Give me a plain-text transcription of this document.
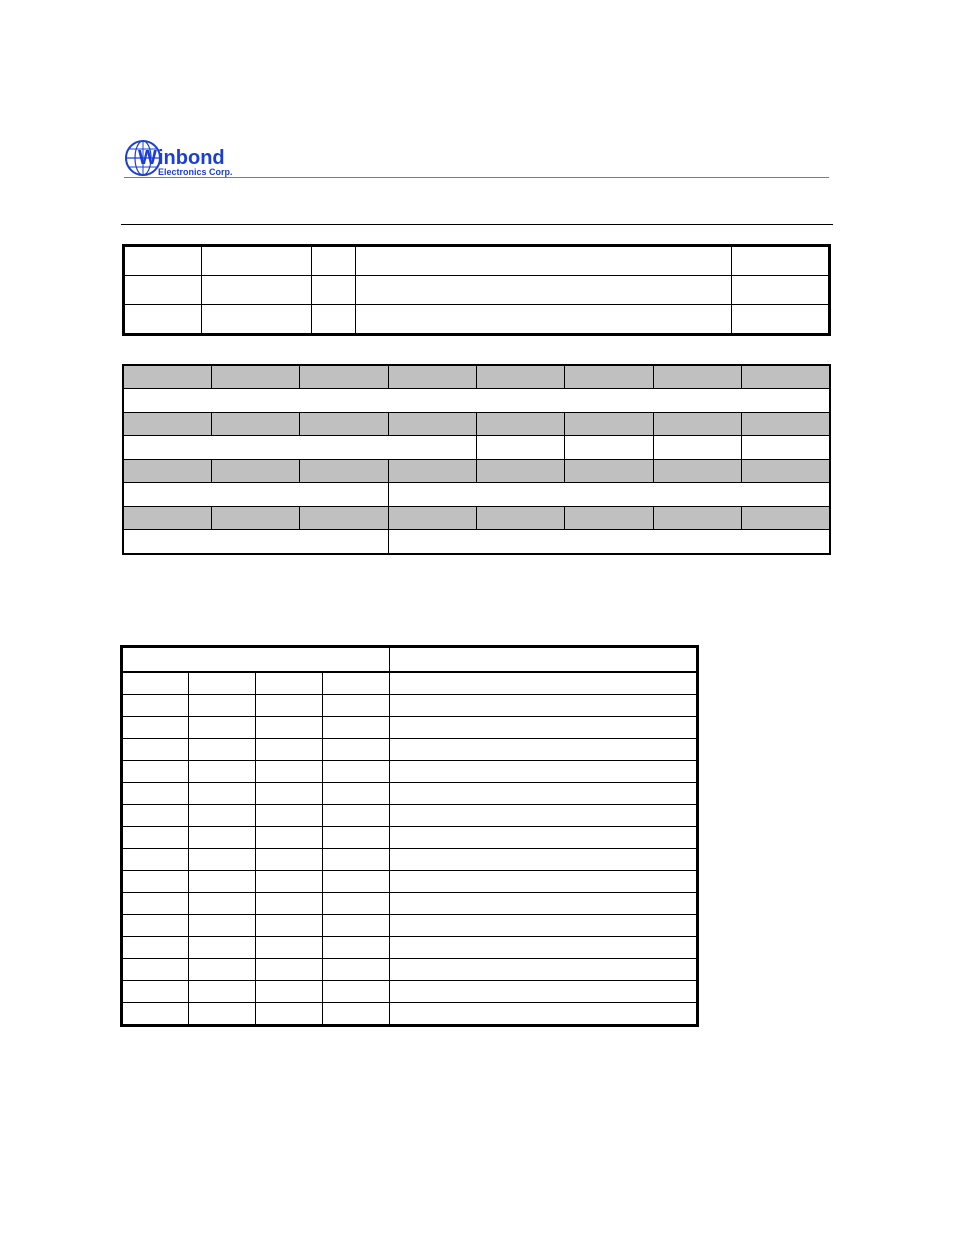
W inbond
Electronics Corp.
